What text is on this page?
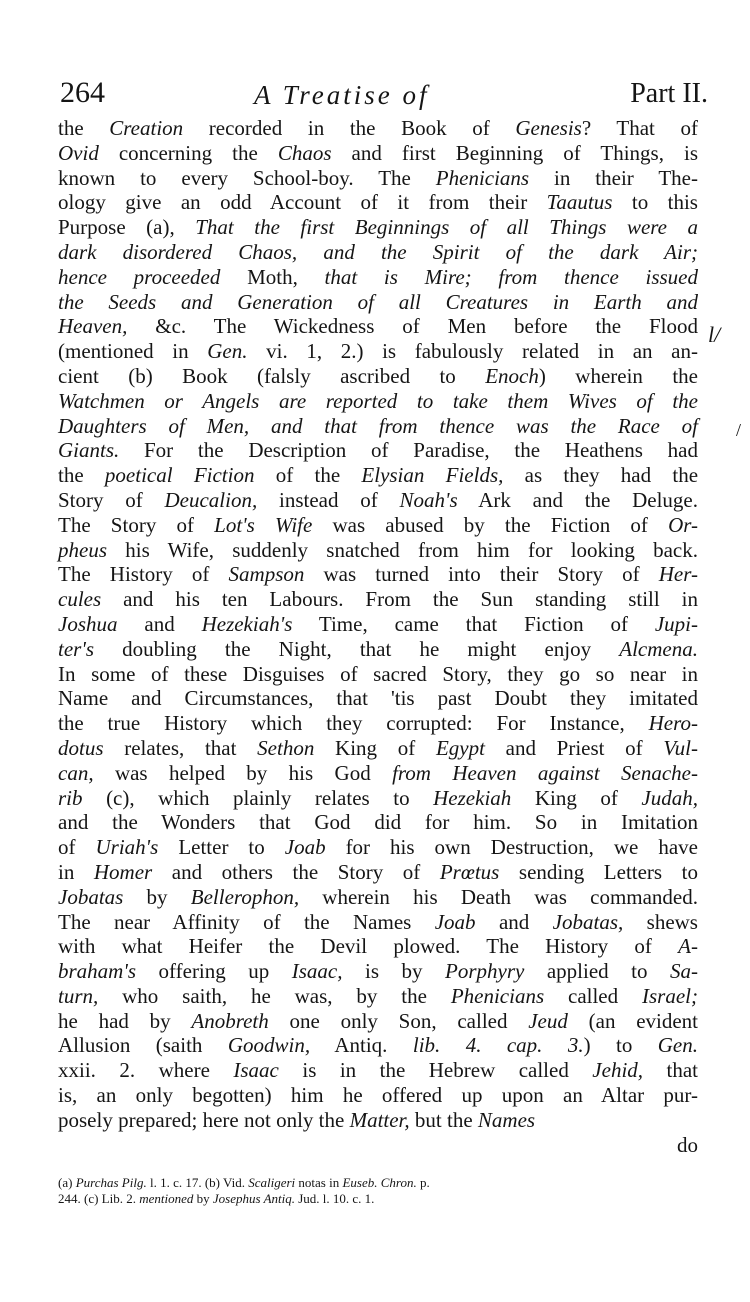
264	A Treatise of	Part II.
the Creation recorded in the Book of Genesis? That of
Ovid concerning the Chaos and first Beginning of Things, is
known to every School-boy. The Phenicians in their The-
ology give an odd Account of it from their Taautus to this
Purpose (a), That the first Beginnings of all Things were a
dark disordered Chaos, and the Spirit of the dark Air;
hence proceeded Moth, that is Mire; from thence issued
the Seeds and Generation of all Creatures in Earth and
Heaven, &c. The Wickedness of Men before the Flood
(mentioned in Gen. vi. 1, 2.) is fabulously related in an an-
cient (b) Book (falsly ascribed to Enoch) wherein the
Watchmen or Angels are reported to take them Wives of the
Daughters of Men, and that from thence was the Race of
Giants. For the Description of Paradise, the Heathens had
the poetical Fiction of the Elysian Fields, as they had the
Story of Deucalion, instead of Noah's Ark and the Deluge.
The Story of Lot's Wife was abused by the Fiction of Or-
pheus his Wife, suddenly snatched from him for looking back.
The History of Sampson was turned into their Story of Her-
cules and his ten Labours. From the Sun standing still in
Joshua and Hezekiah's Time, came that Fiction of Jupi-
ter's doubling the Night, that he might enjoy Alcmena.
In some of these Disguises of sacred Story, they go so near in
Name and Circumstances, that 'tis past Doubt they imitated
the true History which they corrupted: For Instance, Hero-
dotus relates, that Sethon King of Egypt and Priest of Vul-
can, was helped by his God from Heaven against Senache-
rib (c), which plainly relates to Hezekiah King of Judah,
and the Wonders that God did for him. So in Imitation
of Uriah's Letter to Joab for his own Destruction, we have
in Homer and others the Story of Prœtus sending Letters to
Jobatas by Bellerophon, wherein his Death was commanded.
The near Affinity of the Names Joab and Jobatas, shews
with what Heifer the Devil plowed. The History of A-
braham's offering up Isaac, is by Porphyry applied to Sa-
turn, who saith, he was, by the Phenicians called Israel;
he had by Anobreth one only Son, called Jeud (an evident
Allusion (saith Goodwin, Antiq. lib. 4. cap. 3.) to Gen.
xxii. 2. where Isaac is in the Hebrew called Jehid, that
is, an only begotten) him he offered up upon an Altar pur-
posely prepared; here not only the Matter, but the Names
do
(a) Purchas Pilg. l. 1. c. 17. (b) Vid. Scaligeri notas in Euseb. Chron. p.
244. (c) Lib. 2. mentioned by Josephus Antiq. Jud. l. 10. c. 1.
l/
/
